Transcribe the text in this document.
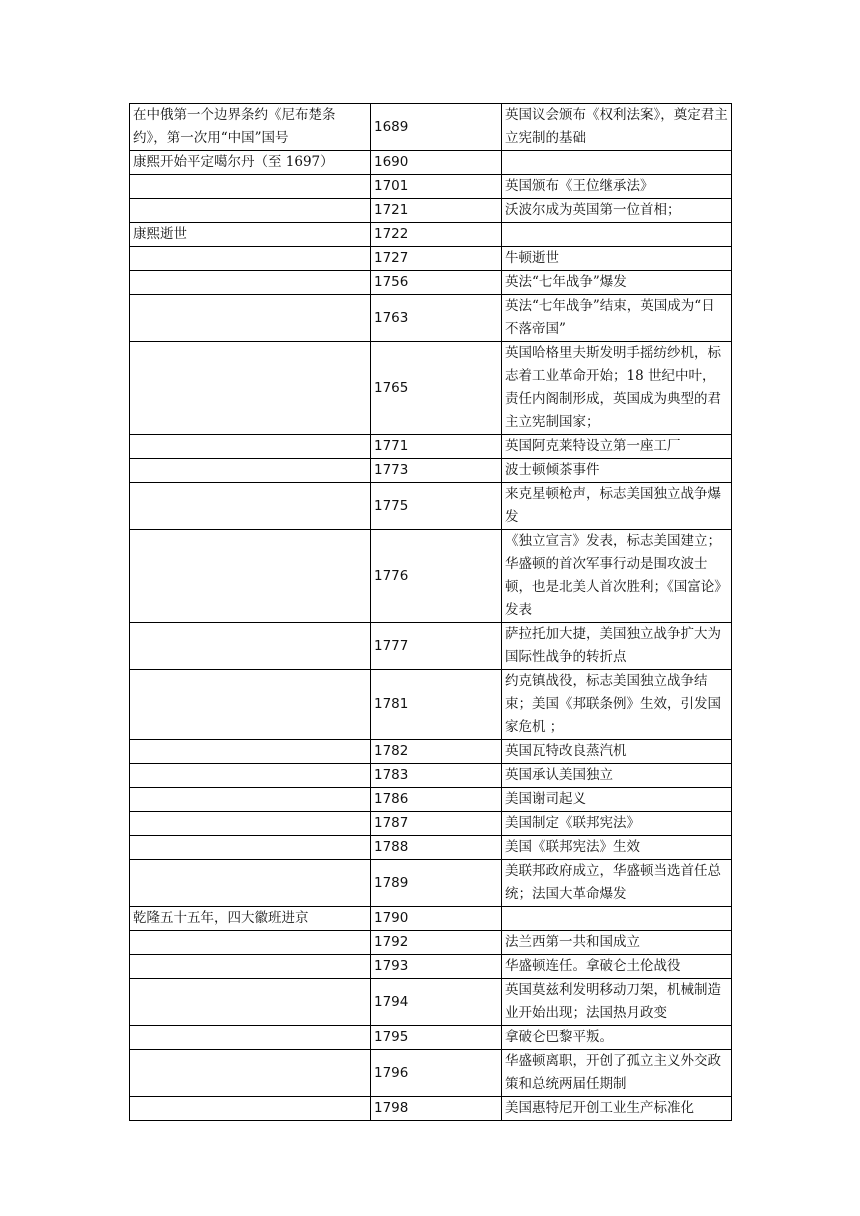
在中俄第一个边界条约《尼布楚条约》，第一次用“中国”国号	1689	英国议会颁布《权利法案》，奠定君主立宪制的基础
康熙开始平定噶尔丹（至 1697）	1690	
	1701	英国颁布《王位继承法》
	1721	沃波尔成为英国第一位首相；
康熙逝世	1722	
	1727	牛顿逝世
	1756	英法“七年战争”爆发
	1763	英法“七年战争”结束，英国成为“日不落帝国”
	1765	英国哈格里夫斯发明手摇纺纱机，标志着工业革命开始；18 世纪中叶，责任内阁制形成，英国成为典型的君主立宪制国家；
	1771	英国阿克莱特设立第一座工厂
	1773	波士顿倾茶事件
	1775	来克星顿枪声，标志美国独立战争爆发
	1776	《独立宣言》发表，标志美国建立；华盛顿的首次军事行动是围攻波士顿，也是北美人首次胜利；《国富论》发表
	1777	萨拉托加大捷，美国独立战争扩大为国际性战争的转折点
	1781	约克镇战役，标志美国独立战争结束；美国《邦联条例》生效，引发国家危机 ；
	1782	英国瓦特改良蒸汽机
	1783	英国承认美国独立
	1786	美国谢司起义
	1787	美国制定《联邦宪法》
	1788	美国《联邦宪法》生效
	1789	美联邦政府成立，华盛顿当选首任总统；法国大革命爆发
乾隆五十五年，四大徽班进京	1790	
	1792	法兰西第一共和国成立
	1793	华盛顿连任。拿破仑土伦战役
	1794	英国莫兹利发明移动刀架，机械制造业开始出现；法国热月政变
	1795	拿破仑巴黎平叛。
	1796	华盛顿离职，开创了孤立主义外交政策和总统两届任期制
	1798	美国惠特尼开创工业生产标准化
